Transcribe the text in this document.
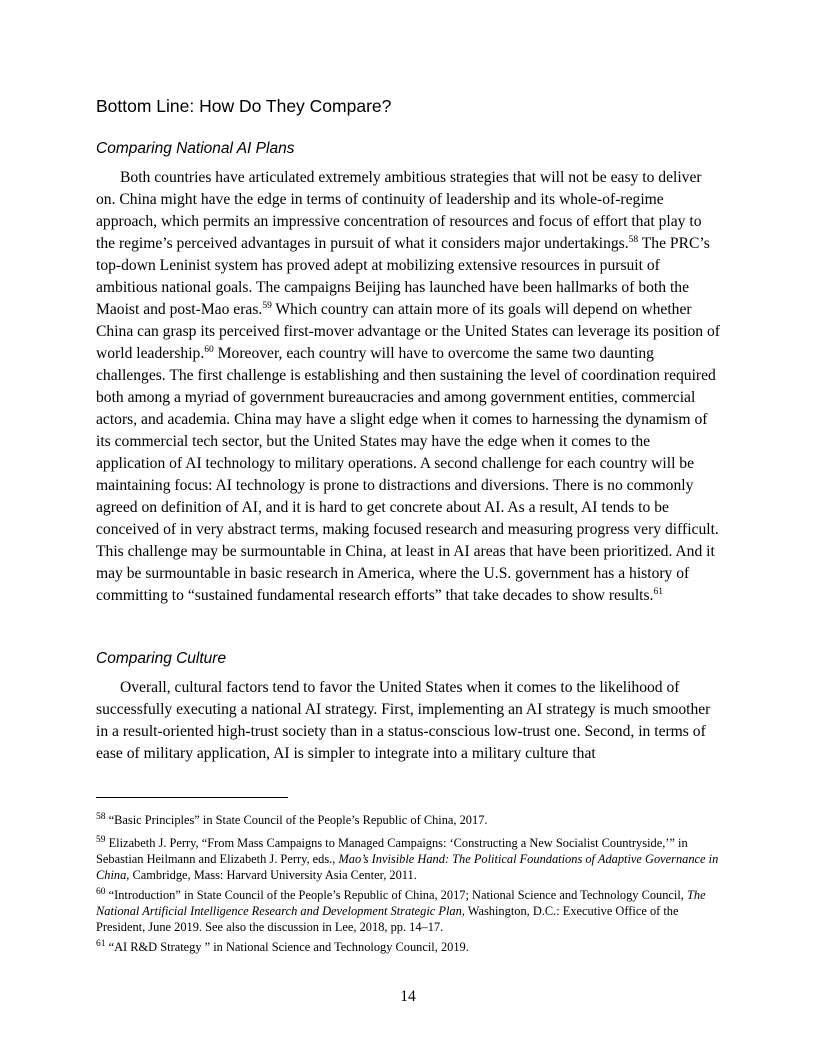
Bottom Line: How Do They Compare?
Comparing National AI Plans

Both countries have articulated extremely ambitious strategies that will not be easy to deliver on. China might have the edge in terms of continuity of leadership and its whole-of-regime approach, which permits an impressive concentration of resources and focus of effort that play to the regime’s perceived advantages in pursuit of what it considers major undertakings.$^{58}$ The PRC’s top-down Leninist system has proved adept at mobilizing extensive resources in pursuit of ambitious national goals. The campaigns Beijing has launched have been hallmarks of both the Maoist and post-Mao eras.$^{59}$ Which country can attain more of its goals will depend on whether China can grasp its perceived first-mover advantage or the United States can leverage its position of world leadership.$^{60}$ Moreover, each country will have to overcome the same two daunting challenges. The first challenge is establishing and then sustaining the level of coordination required both among a myriad of government bureaucracies and among government entities, commercial actors, and academia. China may have a slight edge when it comes to harnessing the dynamism of its commercial tech sector, but the United States may have the edge when it comes to the application of AI technology to military operations. A second challenge for each country will be maintaining focus: AI technology is prone to distractions and diversions. There is no commonly agreed on definition of AI, and it is hard to get concrete about AI. As a result, AI tends to be conceived of in very abstract terms, making focused research and measuring progress very difficult. This challenge may be surmountable in China, at least in AI areas that have been prioritized. And it may be surmountable in basic research in America, where the U.S. government has a history of committing to “sustained fundamental research efforts” that take decades to show results.$^{61}$

Comparing Culture

Overall, cultural factors tend to favor the United States when it comes to the likelihood of successfully executing a national AI strategy. First, implementing an AI strategy is much smoother in a result-oriented high-trust society than in a status-conscious low-trust one. Second, in terms of ease of military application, AI is simpler to integrate into a military culture that

$^{58}$ “Basic Principles” in State Council of the People’s Republic of China, 2017.

$^{59}$ Elizabeth J. Perry, “From Mass Campaigns to Managed Campaigns: ‘Constructing a New Socialist Countryside,’” in Sebastian Heilmann and Elizabeth J. Perry, eds., Mao’s Invisible Hand: The Political Foundations of Adaptive Governance in China, Cambridge, Mass: Harvard University Asia Center, 2011.

$^{60}$ “Introduction” in State Council of the People’s Republic of China, 2017; National Science and Technology Council, The National Artificial Intelligence Research and Development Strategic Plan, Washington, D.C.: Executive Office of the President, June 2019. See also the discussion in Lee, 2018, pp. 14–17.

$^{61}$ “AI R&D Strategy ” in National Science and Technology Council, 2019.

14
